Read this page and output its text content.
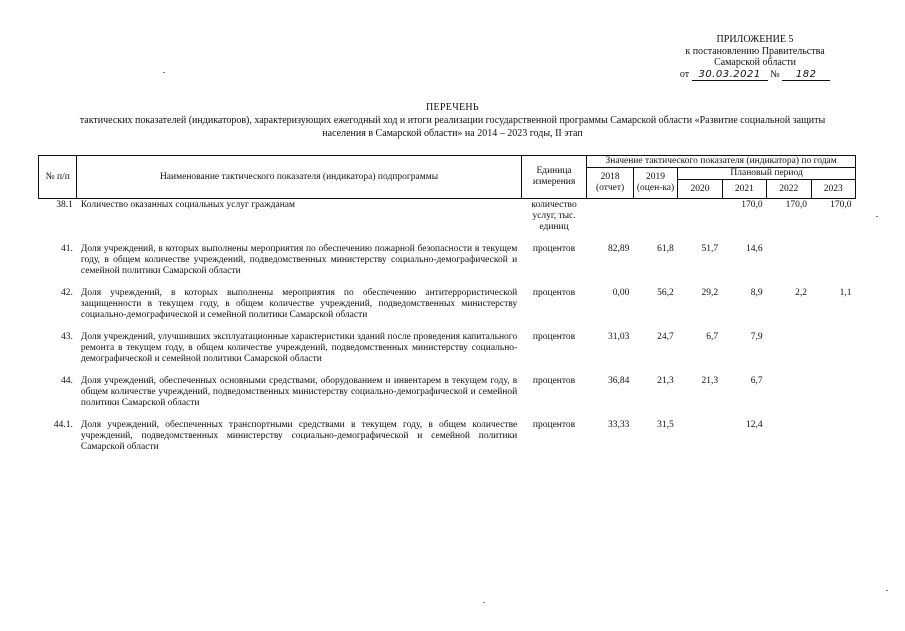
ПРИЛОЖЕНИЕ 5
к постановлению Правительства
Самарской области
от 30.03.2021 № 182
ПЕРЕЧЕНЬ
тактических показателей (индикаторов), характеризующих ежегодный ход и итоги реализации государственной программы Самарской области «Развитие социальной защиты
населения в Самарской области» на 2014 – 2023 годы, II этап
№ п/п	Наименование тактического показателя (индикатора) подпрограммы	Единица измерения	Значение тактического показателя (индикатора) по годам					
			2018 (отчет)	2019 (оцен-ка)	Плановый период			
					2020	2021	2022	2023
38.1	Количество оказанных социальных услуг гражданам	количество услуг, тыс. единиц				170,0	170,0	170,0

41.	Доля учреждений, в которых выполнены мероприятия по обеспечению пожарной безопасности в текущем году, в общем количестве учреждений, подведомственных министерству социально-демографической и семейной политики Самарской области	процентов	82,89	61,8	51,7	14,6		

42.	Доля учреждений, в которых выполнены мероприятия по обеспечению антитеррористической защищенности в текущем году, в общем количестве учреждений, подведомственных министерству социально-демографической и семейной политики Самарской области	процентов	0,00	56,2	29,2	8,9	2,2	1,1

43.	Доля учреждений, улучшивших эксплуатационные характеристики зданий после проведения капитального ремонта в текущем году, в общем количестве учреждений, подведомственных министерству социально-демографической и семейной политики Самарской области	процентов	31,03	24,7	6,7	7,9		

44.	Доля учреждений, обеспеченных основными средствами, оборудованием и инвентарем в текущем году, в общем количестве учреждений, подведомственных министерству социально-демографической и семейной политики Самарской области	процентов	36,84	21,3	21,3	6,7		

44.1.	Доля учреждений, обеспеченных транспортными средствами в текущем году, в общем количестве учреждений, подведомственных министерству социально-демографической и семейной политики Самарской области	процентов	33,33	31,5		12,4		
